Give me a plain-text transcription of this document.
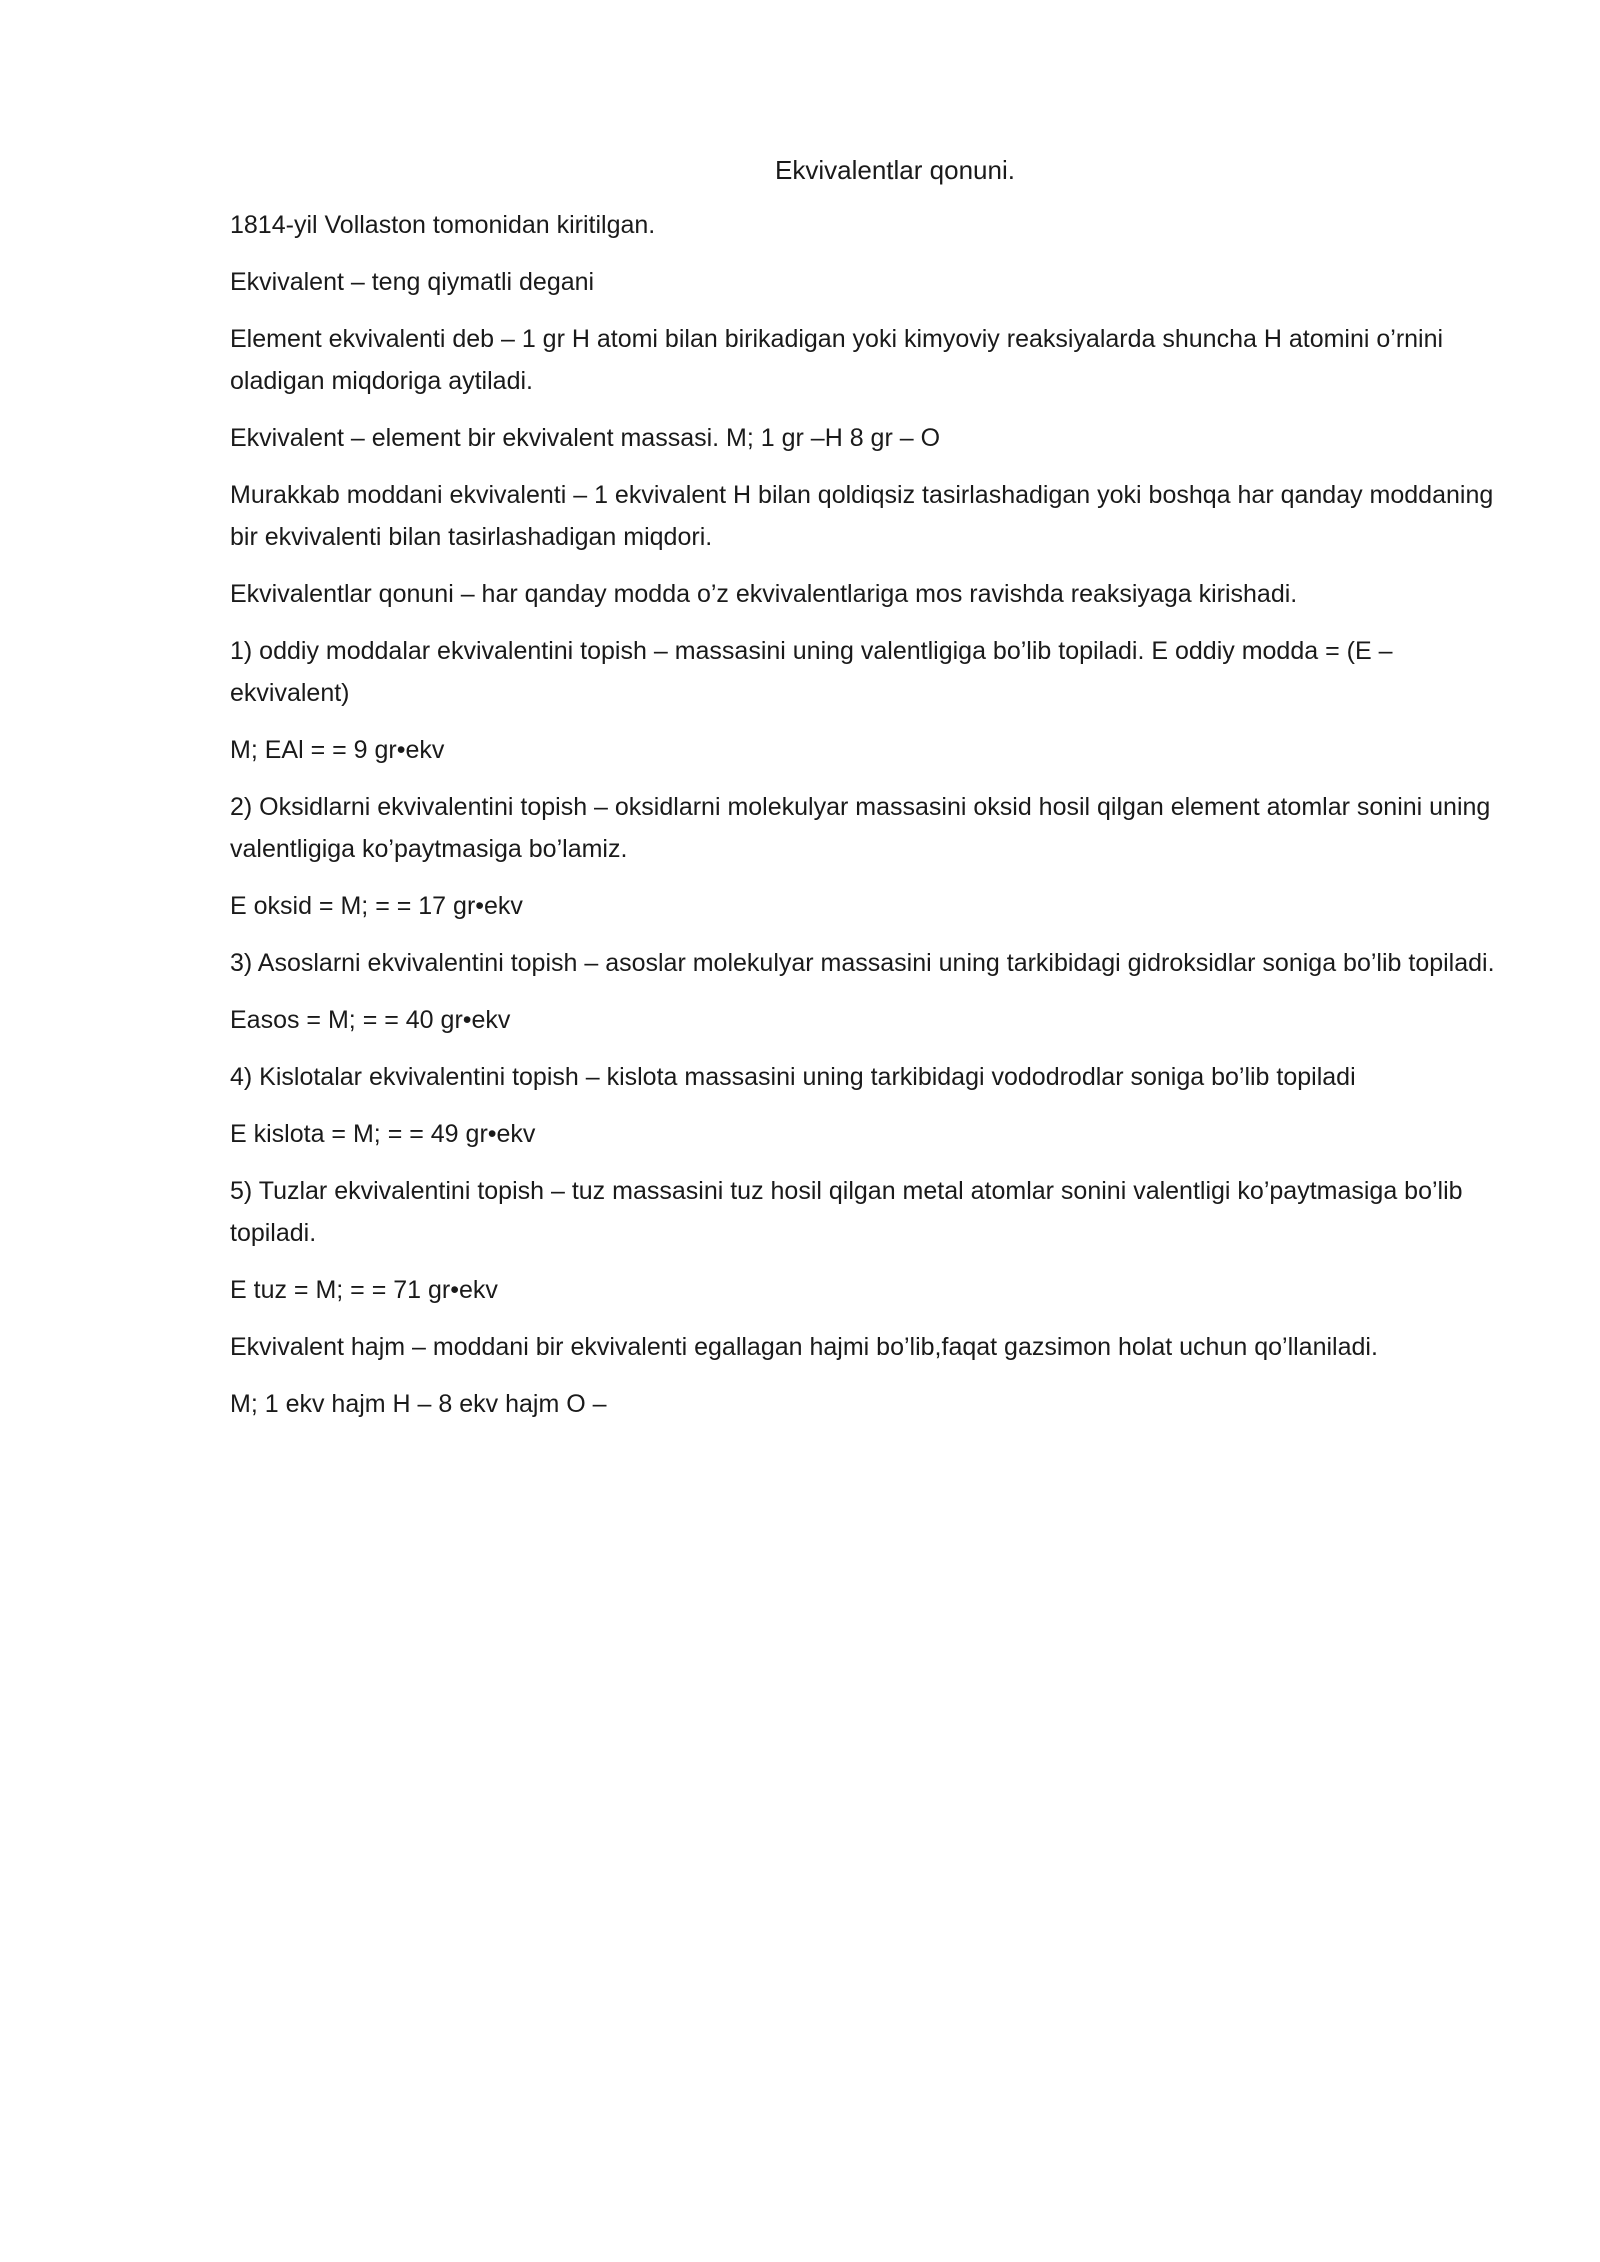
Ekvivalentlar qonuni.

1814-yil Vollaston tomonidan kiritilgan.

Ekvivalent – teng qiymatli degani

Element ekvivalenti deb – 1 gr H atomi bilan birikadigan yoki kimyoviy reaksiyalarda shuncha H atomini o’rnini oladigan miqdoriga aytiladi.

Ekvivalent – element bir ekvivalent massasi. M; 1 gr –H 8 gr – O

Murakkab moddani ekvivalenti – 1 ekvivalent H bilan qoldiqsiz tasirlashadigan yoki boshqa har qanday moddaning bir ekvivalenti bilan tasirlashadigan miqdori.

Ekvivalentlar qonuni – har qanday modda o’z ekvivalentlariga mos ravishda reaksiyaga kirishadi.

1) oddiy moddalar ekvivalentini topish – massasini uning valentligiga bo’lib topiladi. E oddiy modda = (E – ekvivalent)

M; EAl = = 9 gr•ekv

2) Oksidlarni ekvivalentini topish – oksidlarni molekulyar massasini oksid hosil qilgan element atomlar sonini uning valentligiga ko’paytmasiga bo’lamiz.

E oksid = M; = = 17 gr•ekv

3) Asoslarni ekvivalentini topish – asoslar molekulyar massasini uning tarkibidagi gidroksidlar soniga bo’lib topiladi.

Easos = M; = = 40 gr•ekv

4) Kislotalar ekvivalentini topish – kislota massasini uning tarkibidagi vododrodlar soniga bo’lib topiladi

E kislota = M; = = 49 gr•ekv

5) Tuzlar ekvivalentini topish – tuz massasini tuz hosil qilgan metal atomlar sonini valentligi ko’paytmasiga bo’lib topiladi.

E tuz = M; = = 71 gr•ekv

Ekvivalent hajm – moddani bir ekvivalenti egallagan hajmi bo’lib,faqat gazsimon holat uchun qo’llaniladi.

M; 1 ekv hajm H – 8 ekv hajm O –
